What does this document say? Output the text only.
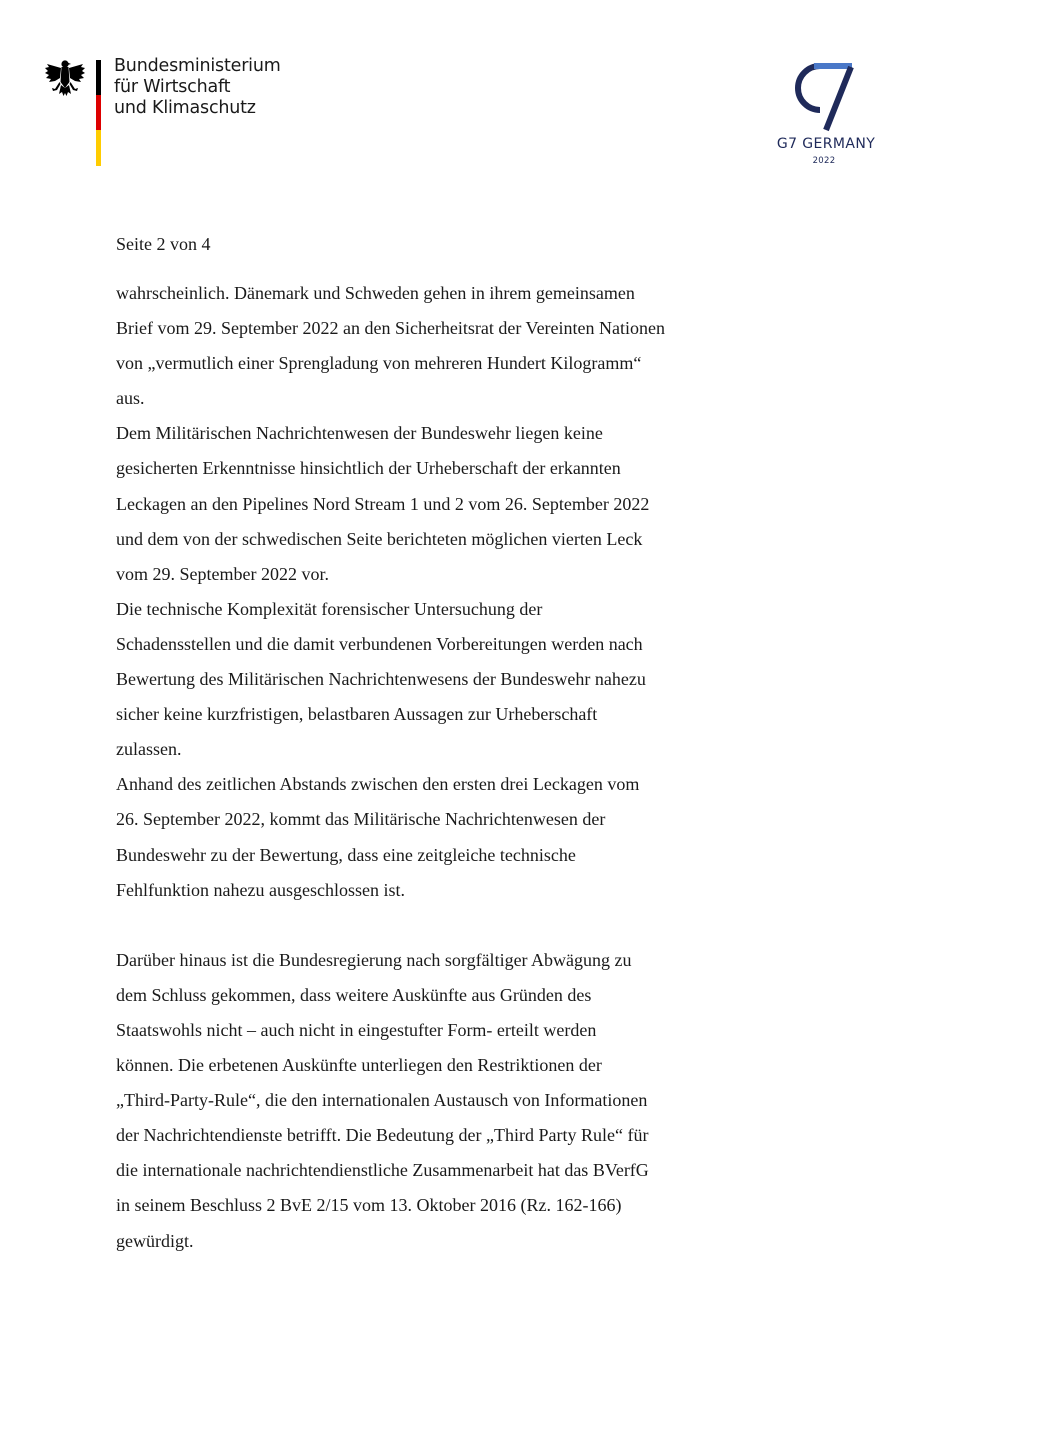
Bundesministerium
für Wirtschaft
und Klimaschutz
G7 GERMANY
2022
Seite 2 von 4
wahrscheinlich. Dänemark und Schweden gehen in ihrem gemeinsamen
Brief vom 29. September 2022 an den Sicherheitsrat der Vereinten Nationen
von „vermutlich einer Sprengladung von mehreren Hundert Kilogramm“
aus.
Dem Militärischen Nachrichtenwesen der Bundeswehr liegen keine
gesicherten Erkenntnisse hinsichtlich der Urheberschaft der erkannten
Leckagen an den Pipelines Nord Stream 1 und 2 vom 26. September 2022
und dem von der schwedischen Seite berichteten möglichen vierten Leck
vom 29. September 2022 vor.
Die technische Komplexität forensischer Untersuchung der
Schadensstellen und die damit verbundenen Vorbereitungen werden nach
Bewertung des Militärischen Nachrichtenwesens der Bundeswehr nahezu
sicher keine kurzfristigen, belastbaren Aussagen zur Urheberschaft
zulassen.
Anhand des zeitlichen Abstands zwischen den ersten drei Leckagen vom
26. September 2022, kommt das Militärische Nachrichtenwesen der
Bundeswehr zu der Bewertung, dass eine zeitgleiche technische
Fehlfunktion nahezu ausgeschlossen ist.
Darüber hinaus ist die Bundesregierung nach sorgfältiger Abwägung zu
dem Schluss gekommen, dass weitere Auskünfte aus Gründen des
Staatswohls nicht – auch nicht in eingestufter Form- erteilt werden
können. Die erbetenen Auskünfte unterliegen den Restriktionen der
„Third-Party-Rule“, die den internationalen Austausch von Informationen
der Nachrichtendienste betrifft. Die Bedeutung der „Third Party Rule“ für
die internationale nachrichtendienstliche Zusammenarbeit hat das BVerfG
in seinem Beschluss 2 BvE 2/15 vom 13. Oktober 2016 (Rz. 162-166)
gewürdigt.
